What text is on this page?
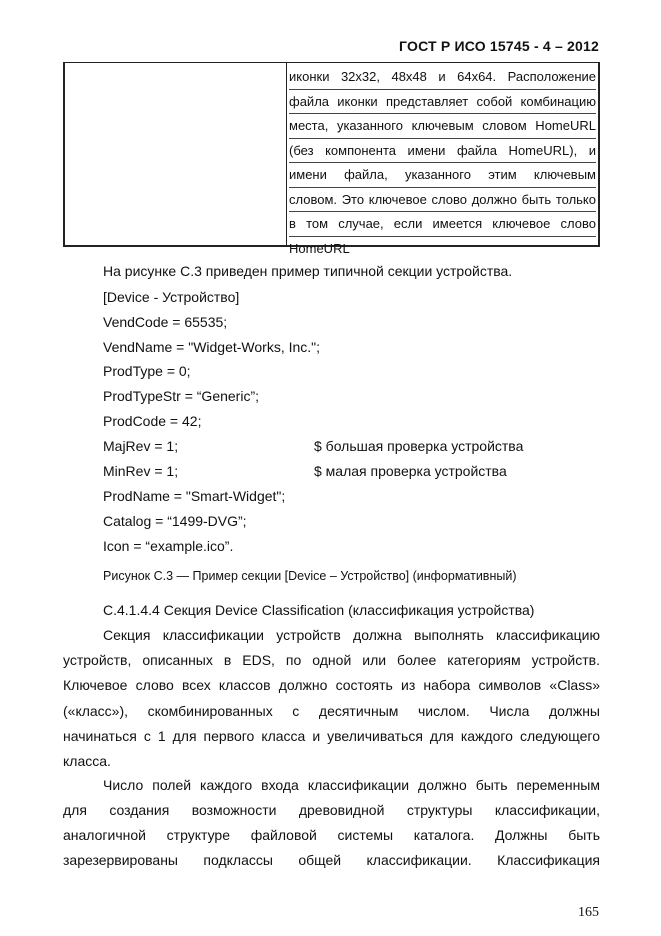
ГОСТ Р ИСО 15745 - 4 – 2012
иконки 32x32, 48x48 и 64x64. Расположение
файла иконки представляет собой комбинацию
места, указанного ключевым словом HomeURL
(без компонента имени файла HomeURL), и
имени файла, указанного этим ключевым
словом. Это ключевое слово должно быть только
в том случае, если имеется ключевое слово
HomeURL
На рисунке С.3 приведен пример типичной секции устройства.
[Device - Устройство]
VendCode = 65535;
VendName = "Widget-Works, Inc.";
ProdType = 0;
ProdTypeStr = “Generic”;
ProdCode = 42;
MajRev = 1;	$ большая проверка устройства
MinRev = 1;	$ малая проверка устройства
ProdName = "Smart-Widget";
Catalog = “1499-DVG”;
Icon = “example.ico”.
Рисунок С.3 — Пример секции [Device – Устройство] (информативный)
С.4.1.4.4 Секция Device Classification (классификация устройства)
Секция классификации устройств должна выполнять классификацию
устройств, описанных в EDS, по одной или более категориям устройств.
Ключевое слово всех классов должно состоять из набора символов «Class»
(«класс»), скомбинированных с десятичным числом. Числа должны
начинаться с 1 для первого класса и увеличиваться для каждого следующего
класса.
Число полей каждого входа классификации должно быть переменным
для создания возможности древовидной структуры классификации,
аналогичной структуре файловой системы каталога. Должны быть
зарезервированы подклассы общей классификации. Классификация
165
